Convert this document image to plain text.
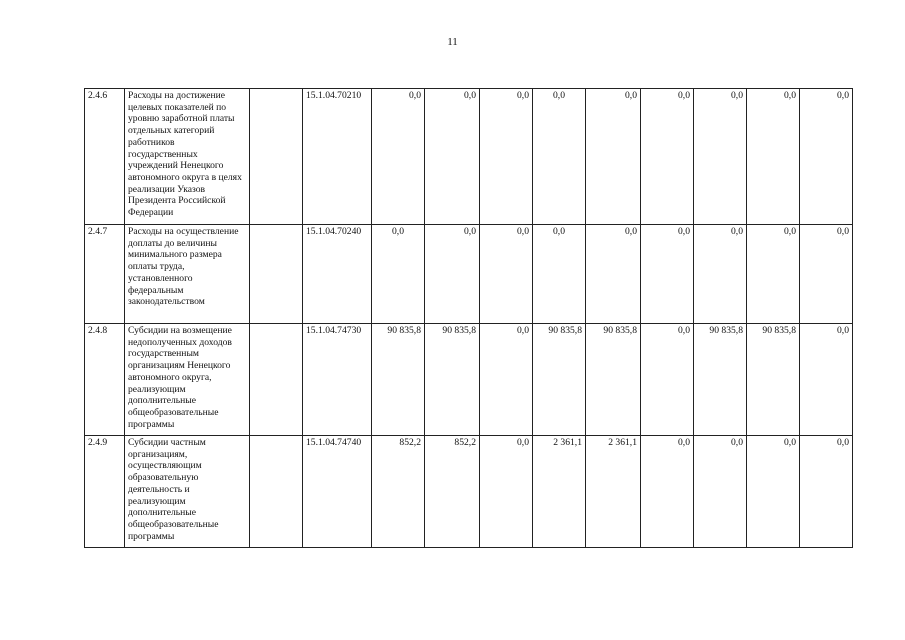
11
2.4.6	Расходы на достижение целевых показателей по уровню заработной платы отдельных категорий работников государственных учреждений Ненецкого автономного округа в целях реализации Указов Президента Российской Федерации		15.1.04.70210	0,0	0,0	0,0	0,0	0,0	0,0	0,0	0,0	0,0
2.4.7	Расходы на осуществление доплаты до величины минимального размера оплаты труда, установленного федеральным законодательством		15.1.04.70240	0,0	0,0	0,0	0,0	0,0	0,0	0,0	0,0	0,0
2.4.8	Субсидии на возмещение недополученных доходов государственным организациям Ненецкого автономного округа, реализующим дополнительные общеобразовательные программы		15.1.04.74730	90 835,8	90 835,8	0,0	90 835,8	90 835,8	0,0	90 835,8	90 835,8	0,0
2.4.9	Субсидии частным организациям, осуществляющим образовательную деятельность и реализующим дополнительные общеобразовательные программы		15.1.04.74740	852,2	852,2	0,0	2 361,1	2 361,1	0,0	0,0	0,0	0,0
